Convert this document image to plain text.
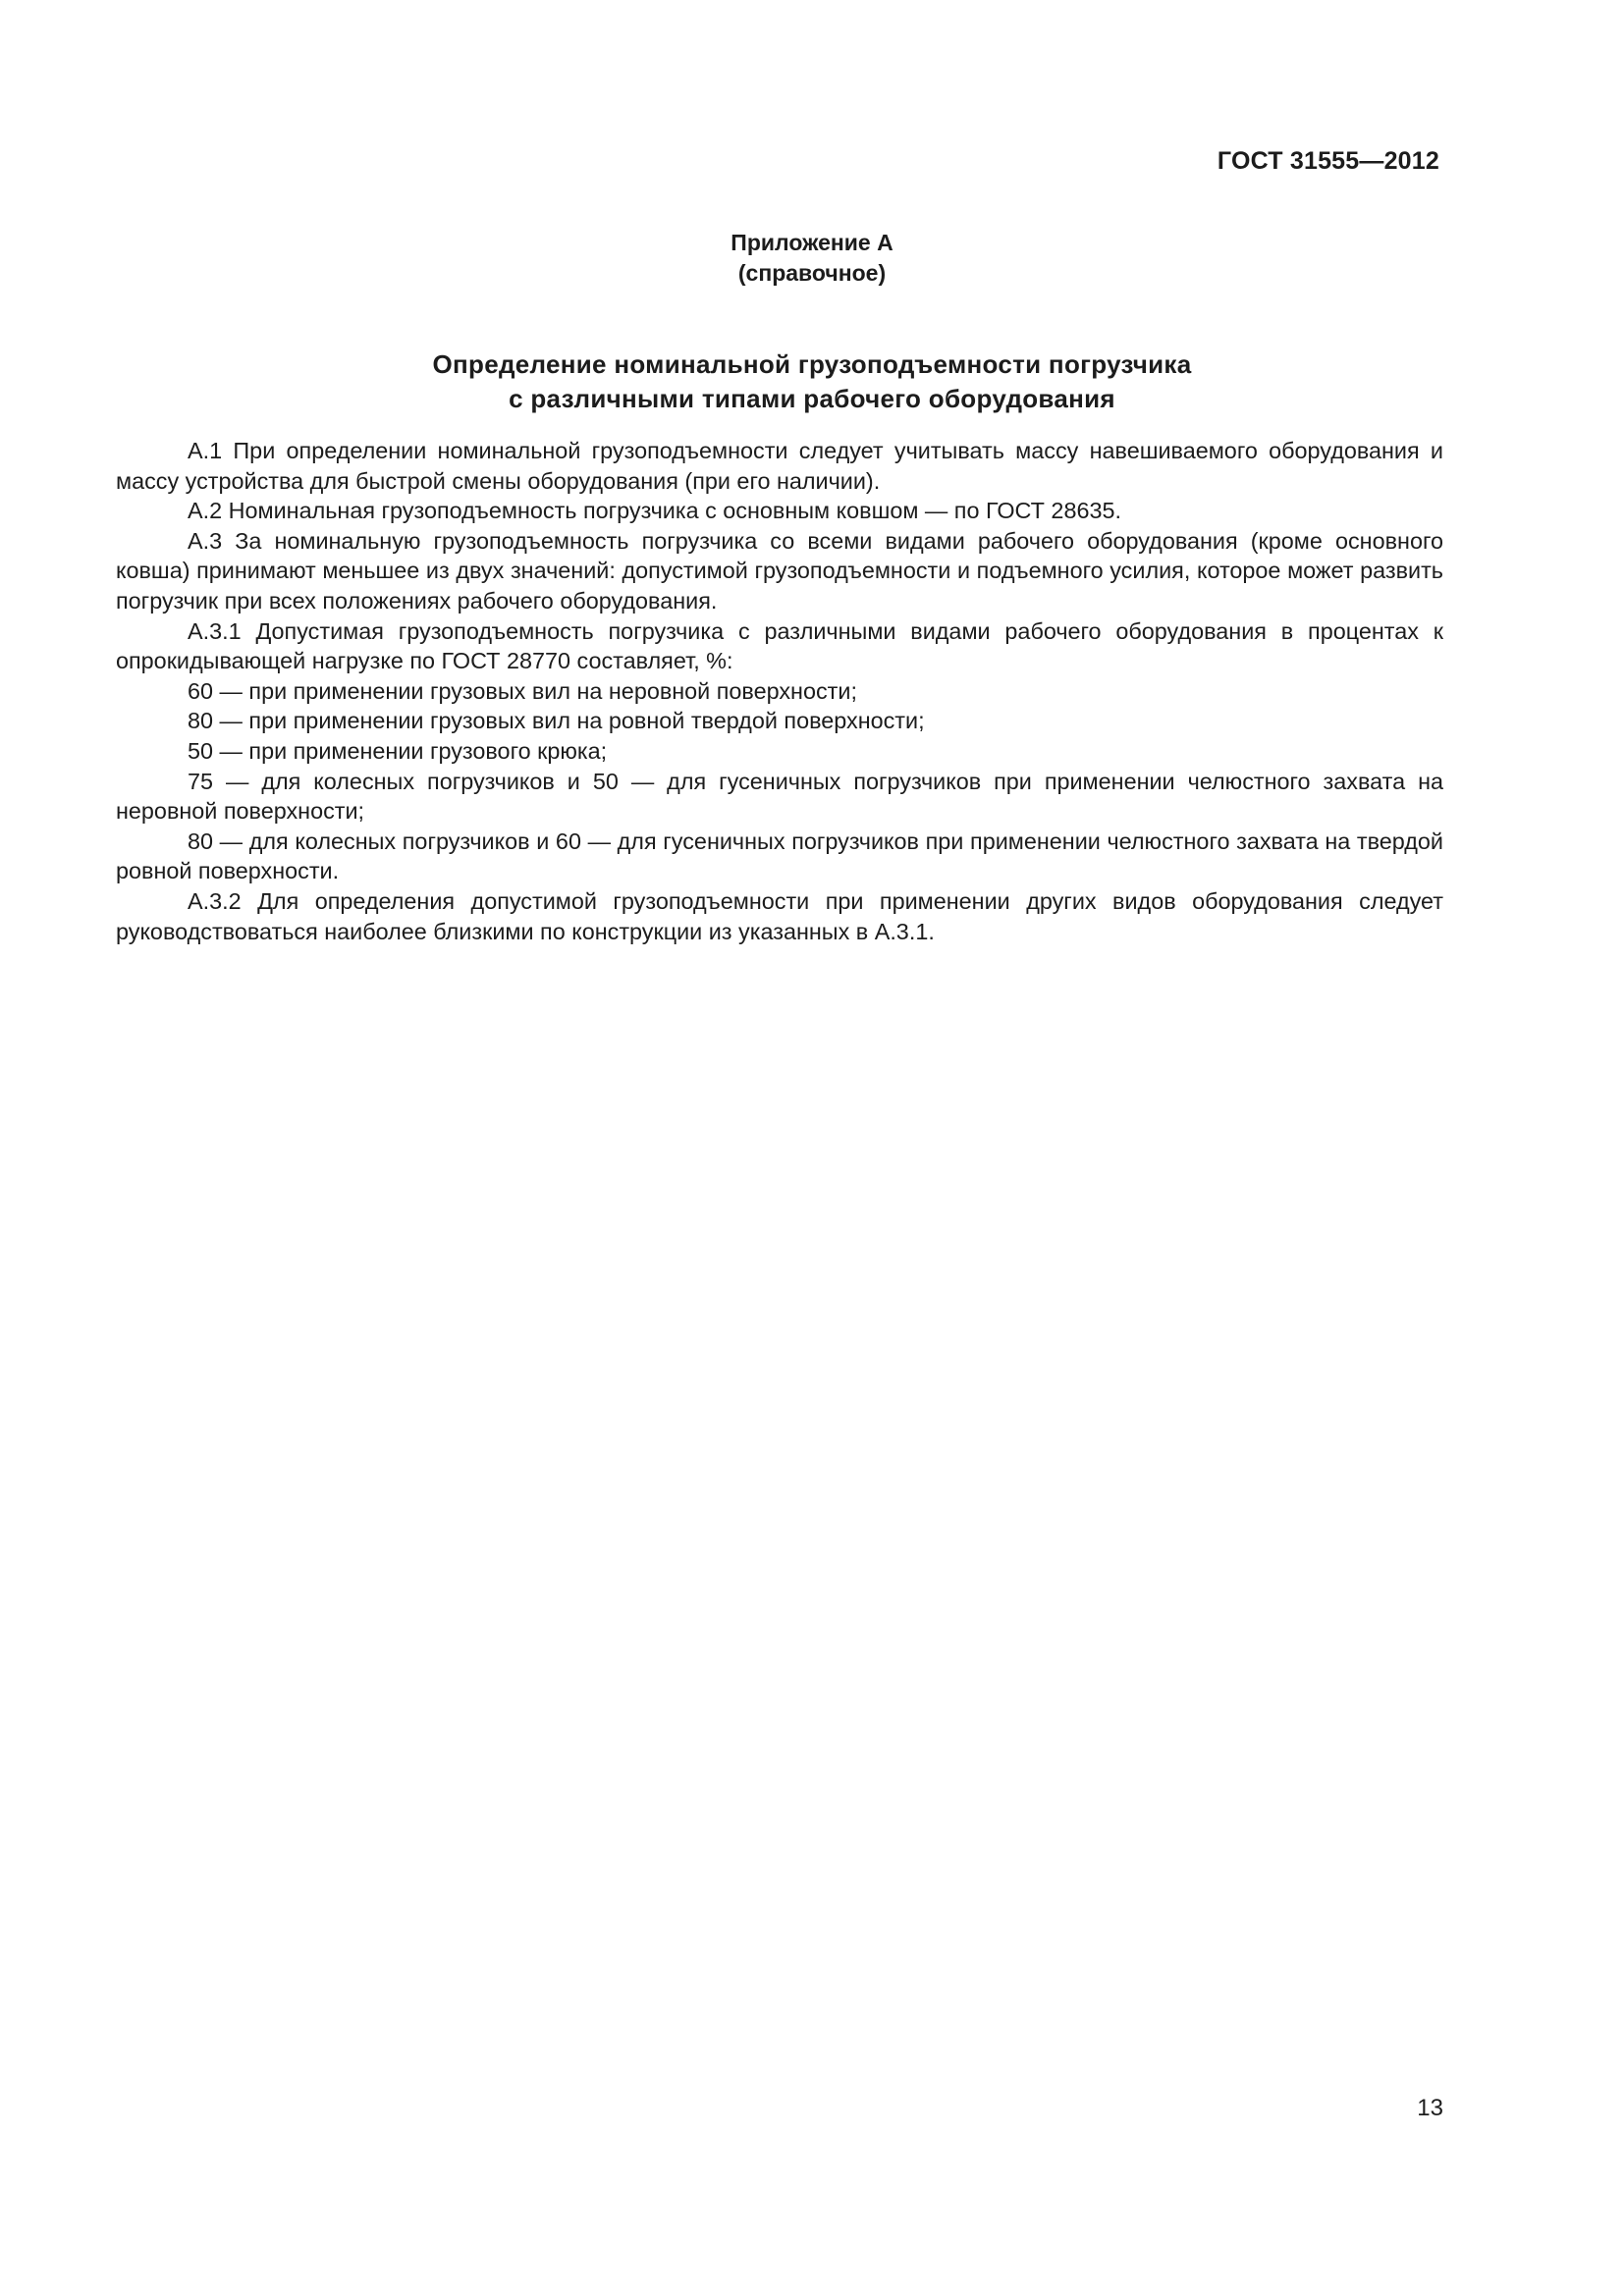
ГОСТ 31555—2012
Приложение А
(справочное)
Определение номинальной грузоподъемности погрузчика
с различными типами рабочего оборудования

А.1 При определении номинальной грузоподъемности следует учитывать массу навешиваемого оборудования и массу устройства для быстрой смены оборудования (при его наличии).

А.2 Номинальная грузоподъемность погрузчика с основным ковшом — по ГОСТ 28635.

А.3 За номинальную грузоподъемность погрузчика со всеми видами рабочего оборудования (кроме основного ковша) принимают меньшее из двух значений: допустимой грузоподъемности и подъемного усилия, которое может развить погрузчик при всех положениях рабочего оборудования.

А.3.1 Допустимая грузоподъемность погрузчика с различными видами рабочего оборудования в процентах к опрокидывающей нагрузке по ГОСТ 28770 составляет, %:

60 — при применении грузовых вил на неровной поверхности;

80 — при применении грузовых вил на ровной твердой поверхности;

50 — при применении грузового крюка;

75 — для колесных погрузчиков и 50 — для гусеничных погрузчиков при применении челюстного захвата на неровной поверхности;

80 — для колесных погрузчиков и 60 — для гусеничных погрузчиков при применении челюстного захвата на твердой ровной поверхности.

А.3.2 Для определения допустимой грузоподъемности при применении других видов оборудования следует руководствоваться наиболее близкими по конструкции из указанных в А.3.1.

13
